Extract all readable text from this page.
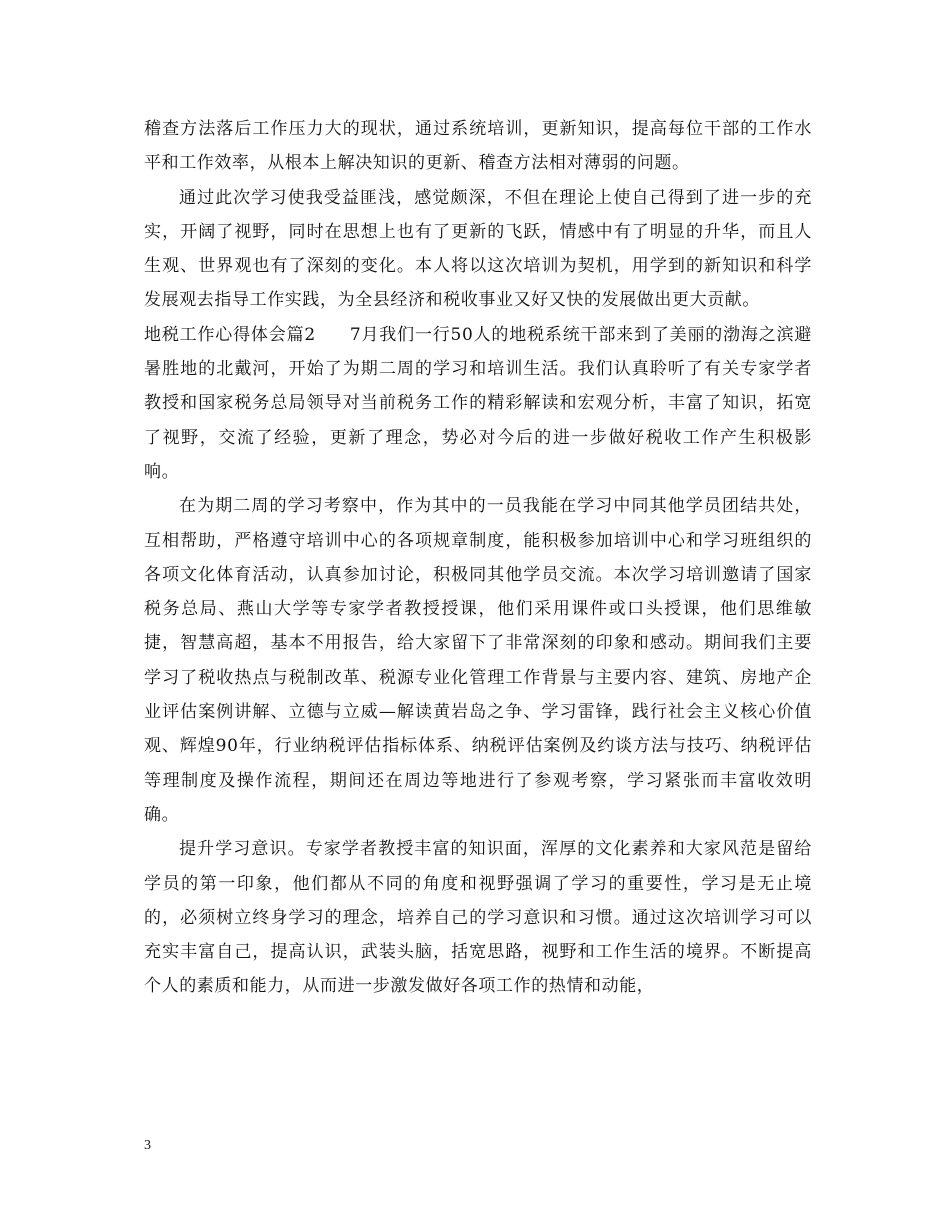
稽查方法落后工作压力大的现状，通过系统培训，更新知识，提高每位干部的工作水平和工作效率，从根本上解决知识的更新、稽查方法相对薄弱的问题。

通过此次学习使我受益匪浅，感觉颇深，不但在理论上使自己得到了进一步的充实，开阔了视野，同时在思想上也有了更新的飞跃，情感中有了明显的升华，而且人生观、世界观也有了深刻的变化。本人将以这次培训为契机，用学到的新知识和科学发展观去指导工作实践，为全县经济和税收事业又好又快的发展做出更大贡献。

地税工作心得体会篇2 7月我们一行50人的地税系统干部来到了美丽的渤海之滨避暑胜地的北戴河，开始了为期二周的学习和培训生活。我们认真聆听了有关专家学者教授和国家税务总局领导对当前税务工作的精彩解读和宏观分析，丰富了知识，拓宽了视野，交流了经验，更新了理念，势必对今后的进一步做好税收工作产生积极影响。

在为期二周的学习考察中，作为其中的一员我能在学习中同其他学员团结共处，互相帮助，严格遵守培训中心的各项规章制度，能积极参加培训中心和学习班组织的各项文化体育活动，认真参加讨论，积极同其他学员交流。本次学习培训邀请了国家税务总局、燕山大学等专家学者教授授课，他们采用课件或口头授课，他们思维敏捷，智慧高超，基本不用报告，给大家留下了非常深刻的印象和感动。期间我们主要学习了税收热点与税制改革、税源专业化管理工作背景与主要内容、建筑、房地产企业评估案例讲解、立德与立威—解读黄岩岛之争、学习雷锋，践行社会主义核心价值观、辉煌90年，行业纳税评估指标体系、纳税评估案例及约谈方法与技巧、纳税评估等理制度及操作流程，期间还在周边等地进行了参观考察，学习紧张而丰富收效明确。

提升学习意识。专家学者教授丰富的知识面，浑厚的文化素养和大家风范是留给学员的第一印象，他们都从不同的角度和视野强调了学习的重要性，学习是无止境的，必须树立终身学习的理念，培养自己的学习意识和习惯。通过这次培训学习可以充实丰富自己，提高认识，武装头脑，括宽思路，视野和工作生活的境界。不断提高个人的素质和能力，从而进一步激发做好各项工作的热情和动能，

3
